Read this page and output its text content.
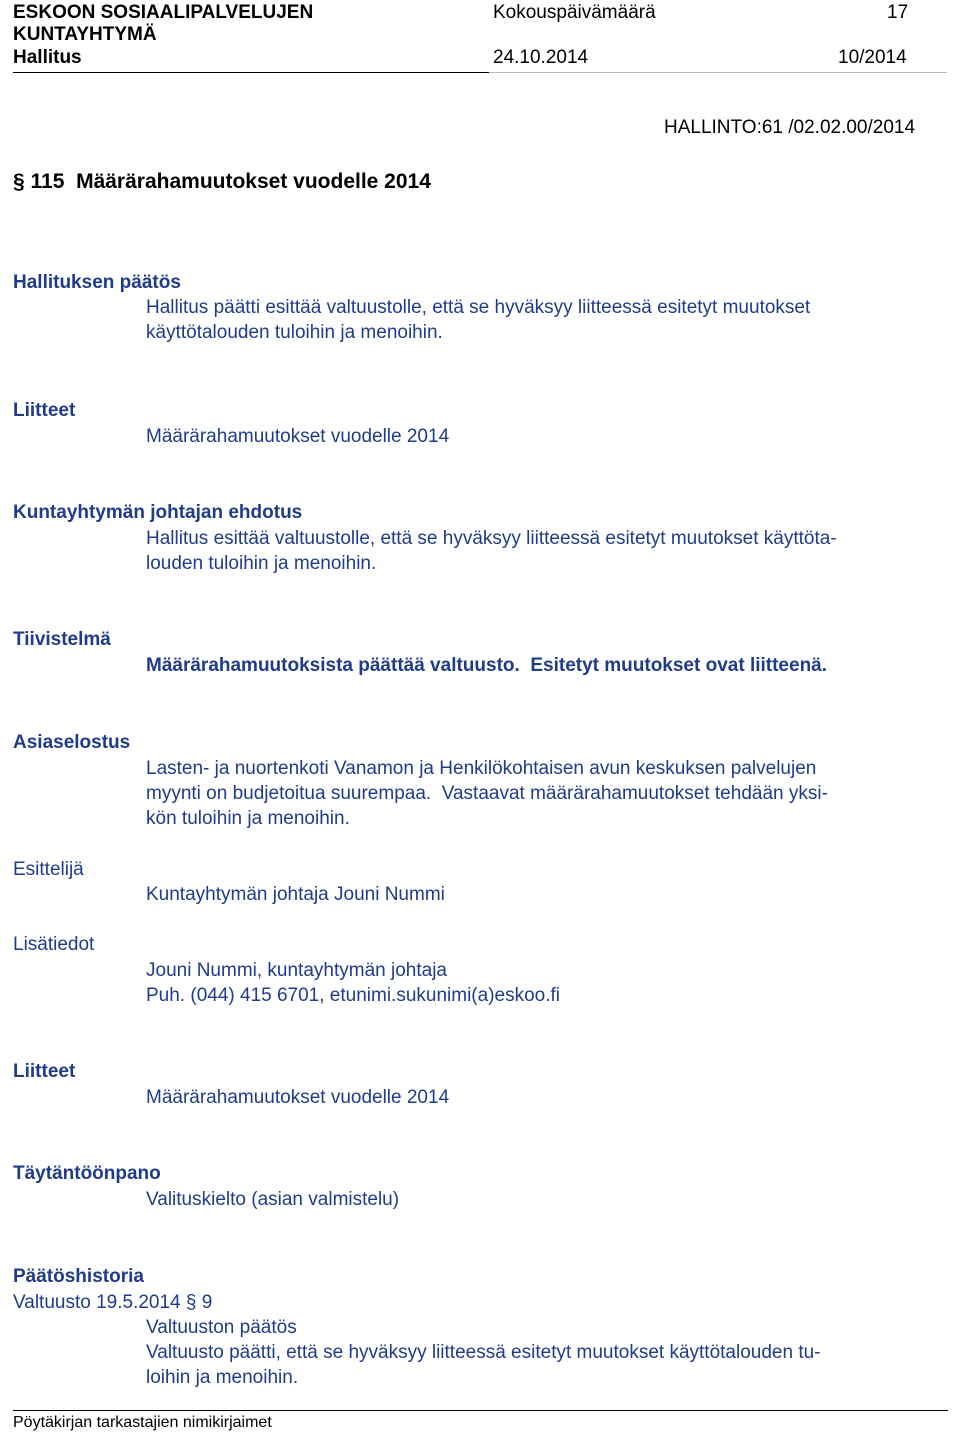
ESKOON SOSIAALIPALVELUJEN
KUNTAYHTYMÄ
Kokouspäivämäärä	17
Hallitus	24.10.2014	10/2014
HALLINTO:61 /02.02.00/2014
§ 115  Määrärahamuutokset vuodelle 2014
Hallituksen päätös

Hallitus päätti esittää valtuustolle, että se hyväksyy liitteessä esitetyt muutokset

käyttötalouden tuloihin ja menoihin.

Liitteet
Määrärahamuutokset vuodelle 2014
Kuntayhtymän johtajan ehdotus

Hallitus esittää valtuustolle, että se hyväksyy liitteessä esitetyt muutokset käyttöta-

louden tuloihin ja menoihin.

Tiivistelmä
Määrärahamuutoksista päättää valtuusto.  Esitetyt muutokset ovat liitteenä.
Asiaselostus

Lasten- ja nuortenkoti Vanamon ja Henkilökohtaisen avun keskuksen palvelujen

myynti on budjetoitua suurempaa.  Vastaavat määrärahamuutokset tehdään yksi-

kön tuloihin ja menoihin.

Esittelijä
Kuntayhtymän johtaja Jouni Nummi
Lisätiedot

Jouni Nummi, kuntayhtymän johtaja

Puh. (044) 415 6701, etunimi.sukunimi(a)eskoo.fi

Liitteet
Määrärahamuutokset vuodelle 2014
Täytäntöönpano
Valituskielto (asian valmistelu)
Päätöshistoria
Valtuusto 19.5.2014 § 9
Valtuuston päätös

Valtuusto päätti, että se hyväksyy liitteessä esitetyt muutokset käyttötalouden tu-

loihin ja menoihin.

Pöytäkirjan tarkastajien nimikirjaimet
